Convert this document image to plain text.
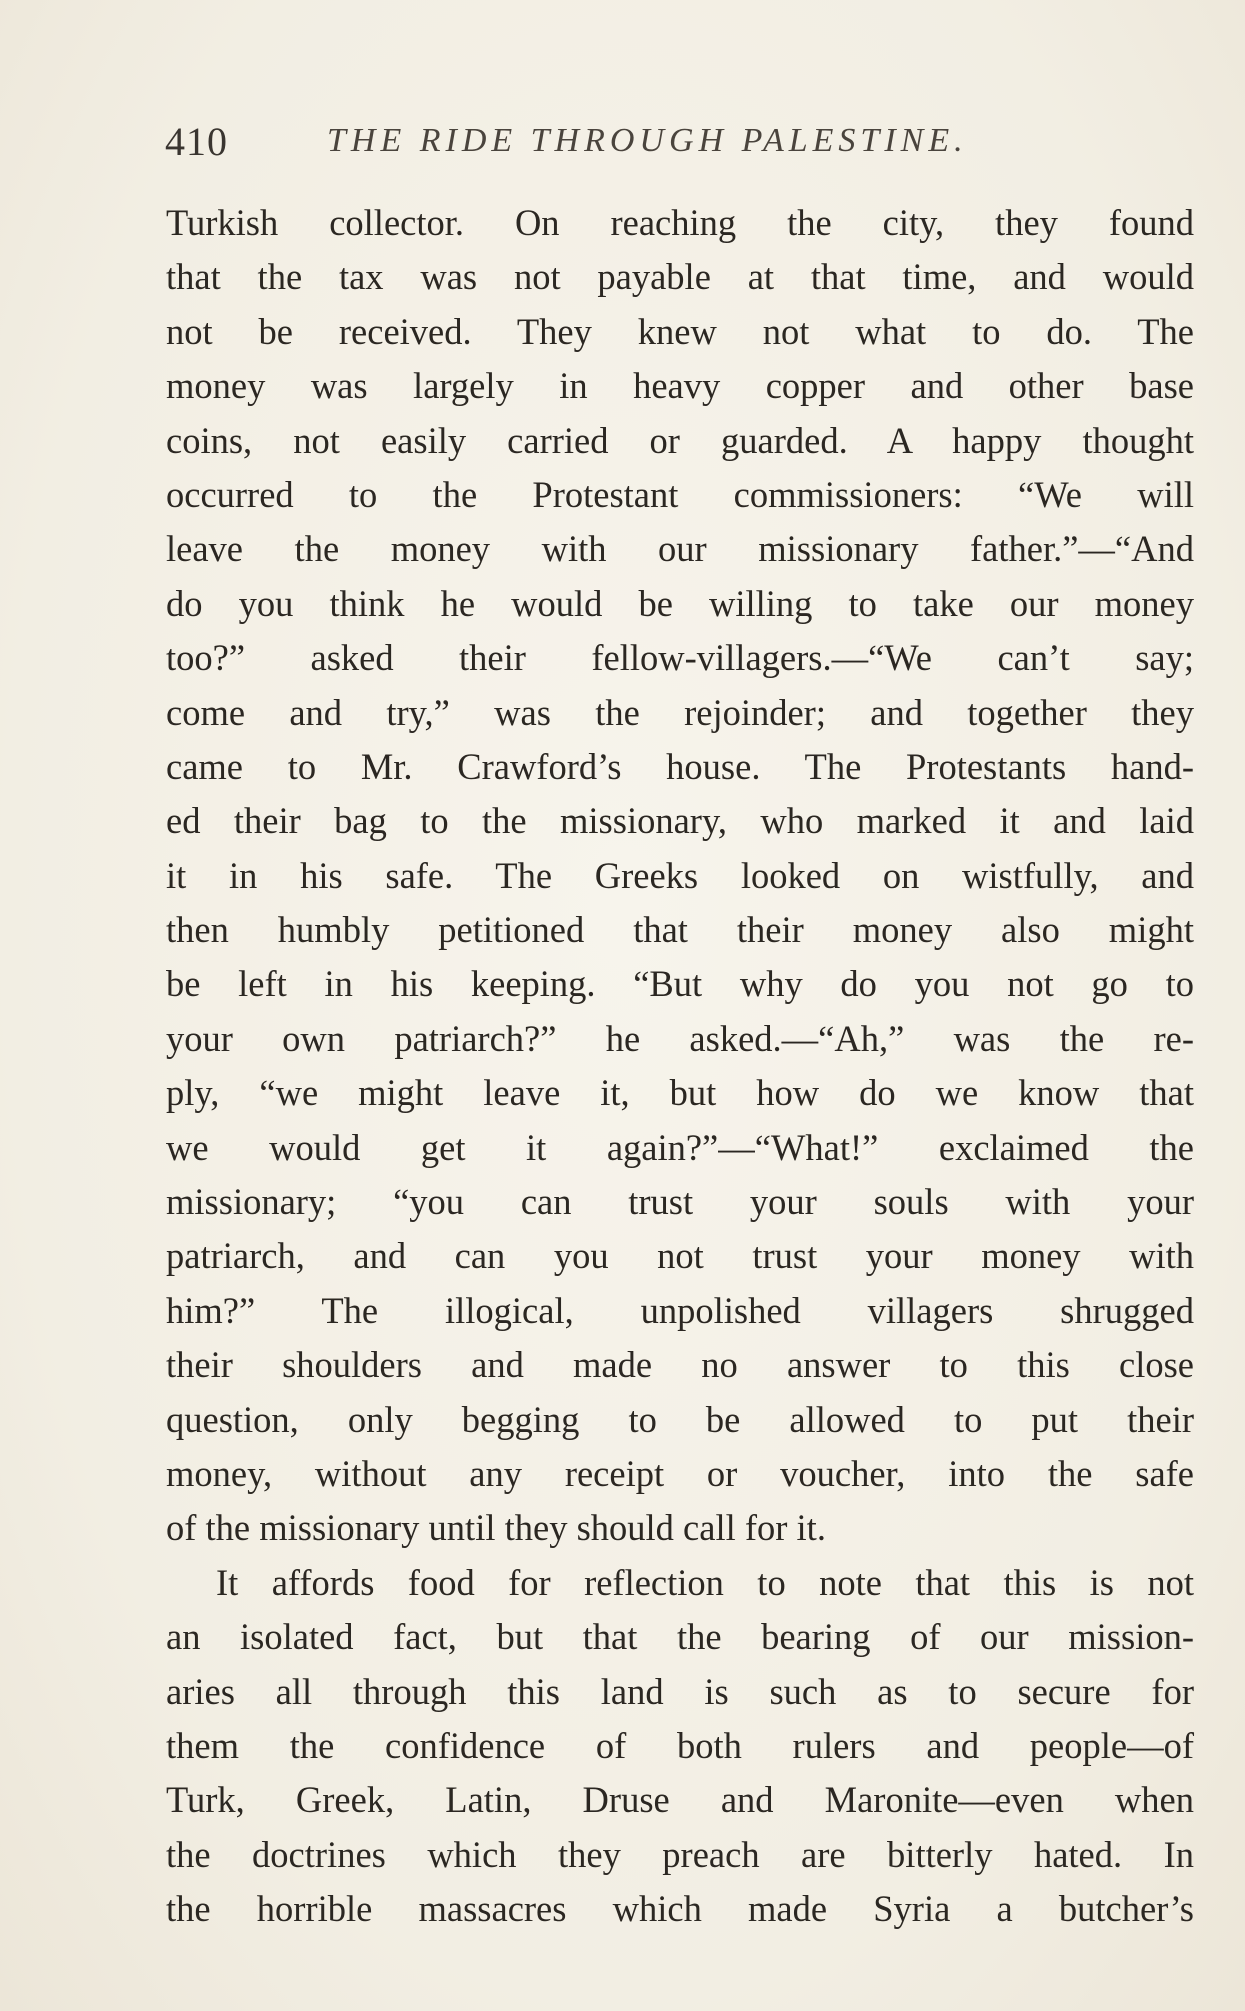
410	THE RIDE THROUGH PALESTINE.
Turkish collector. On reaching the city, they found
that the tax was not payable at that time, and would
not be received. They knew not what to do. The
money was largely in heavy copper and other base
coins, not easily carried or guarded. A happy thought
occurred to the Protestant commissioners: “We will
leave the money with our missionary father.”—“And
do you think he would be willing to take our money
too?” asked their fellow-villagers.—“We can’t say;
come and try,” was the rejoinder; and together they
came to Mr. Crawford’s house. The Protestants hand-
ed their bag to the missionary, who marked it and laid
it in his safe. The Greeks looked on wistfully, and
then humbly petitioned that their money also might
be left in his keeping. “But why do you not go to
your own patriarch?” he asked.—“Ah,” was the re-
ply, “we might leave it, but how do we know that
we would get it again?”—“What!” exclaimed the
missionary; “you can trust your souls with your
patriarch, and can you not trust your money with
him?” The illogical, unpolished villagers shrugged
their shoulders and made no answer to this close
question, only begging to be allowed to put their
money, without any receipt or voucher, into the safe
of the missionary until they should call for it.
It affords food for reflection to note that this is not
an isolated fact, but that the bearing of our mission-
aries all through this land is such as to secure for
them the confidence of both rulers and people—of
Turk, Greek, Latin, Druse and Maronite—even when
the doctrines which they preach are bitterly hated. In
the horrible massacres which made Syria a butcher’s
